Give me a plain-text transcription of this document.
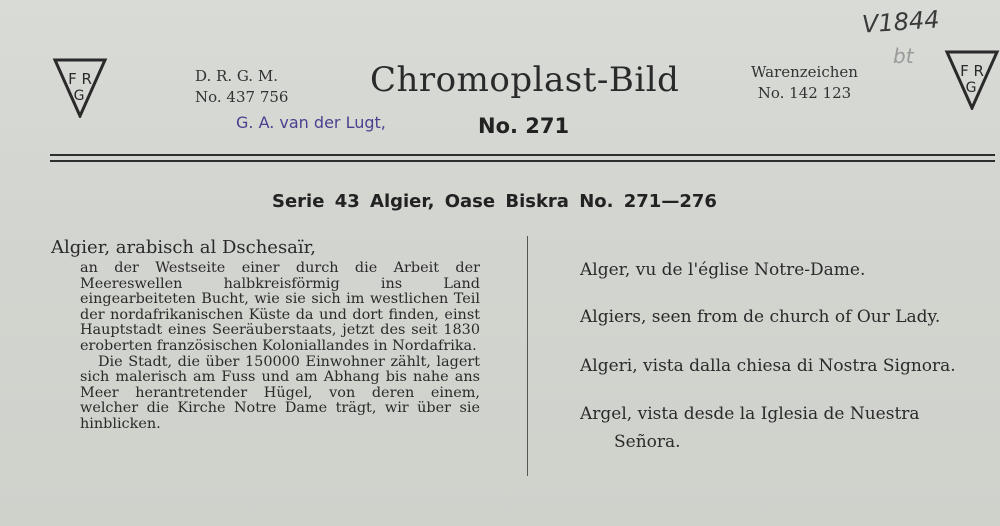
F R
G
D. R. G. M.
No. 437 756 Chromoplast-Bild
G. A. van der Lugt,	No. 271
Warenzeichen
No. 142 123
V1844
bt
F R
G
Serie 43 Algier, Oase Biskra No. 271—276
Algier, arabisch al Dschesaïr,

an der Westseite einer durch die Arbeit der Meereswellen halbkreisförmig ins Land eingearbeiteten Bucht, wie sie sich im westlichen Teil der nordafrikanischen Küste da und dort finden, einst Hauptstadt eines Seeräuberstaats, jetzt des seit 1830 eroberten französischen Koloniallandes in Nordafrika.

Die Stadt, die über 150000 Einwohner zählt, lagert sich malerisch am Fuss und am Abhang bis nahe ans Meer herantretender Hügel, von deren einem, welcher die Kirche Notre Dame trägt, wir über sie hinblicken.

Alger, vu de l'église Notre-Dame.
Algiers, seen from de church of Our Lady.
Algeri, vista dalla chiesa di Nostra Signora.
Argel, vista desde la Iglesia de Nuestra
Señora.
